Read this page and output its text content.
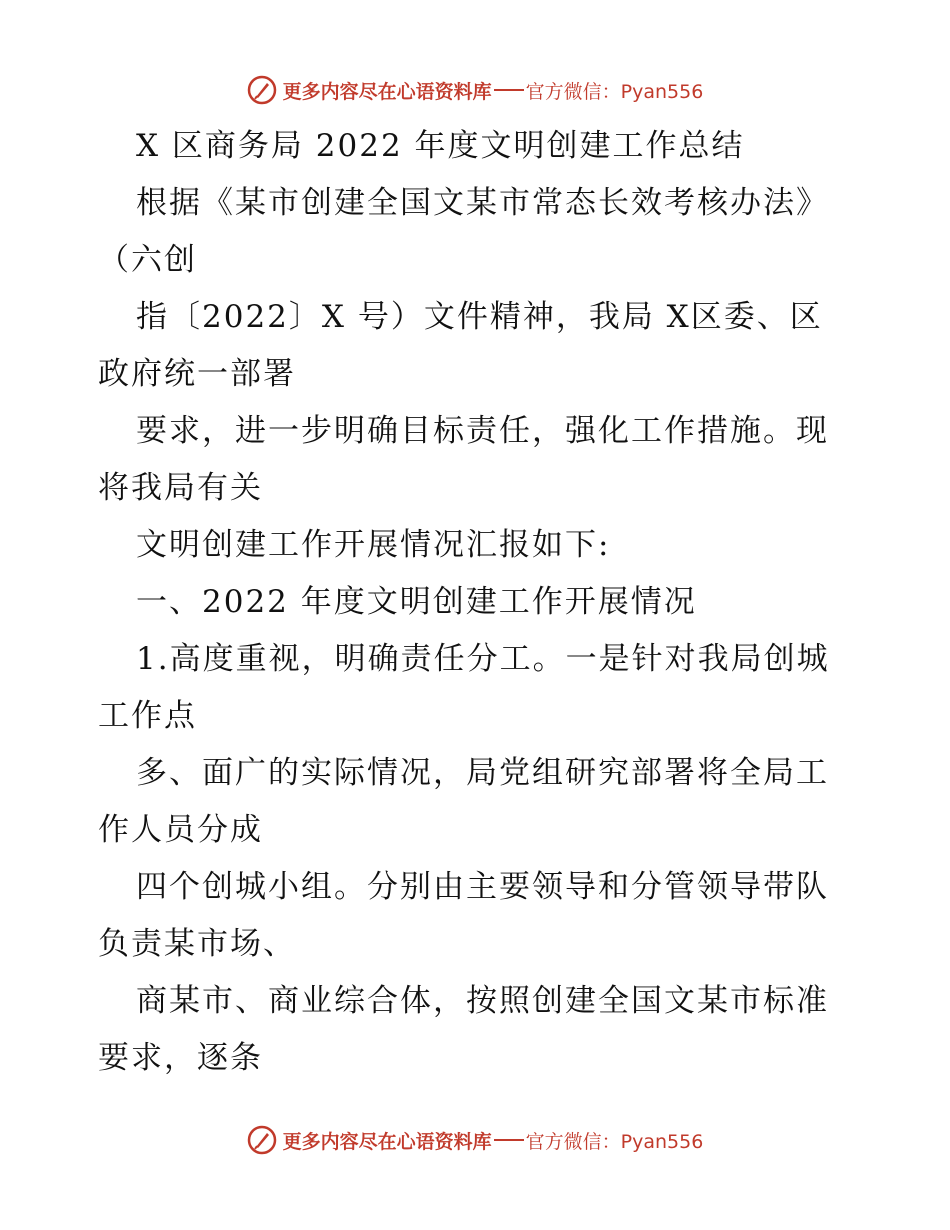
更多内容尽在心语资料库 官方微信：Pyan556
X 区商务局 2022 年度文明创建工作总结
根据《某市创建全国文某市常态长效考核办法》
（六创
指〔2022〕X 号）文件精神，我局 X区委、区
政府统一部署
要求，进一步明确目标责任，强化工作措施。现
将我局有关
文明创建工作开展情况汇报如下:
一、2022 年度文明创建工作开展情况
1.高度重视，明确责任分工。一是针对我局创城
工作点
多、面广的实际情况，局党组研究部署将全局工
作人员分成
四个创城小组。分别由主要领导和分管领导带队
负责某市场、
商某市、商业综合体，按照创建全国文某市标准
要求，逐条
更多内容尽在心语资料库 官方微信：Pyan556
